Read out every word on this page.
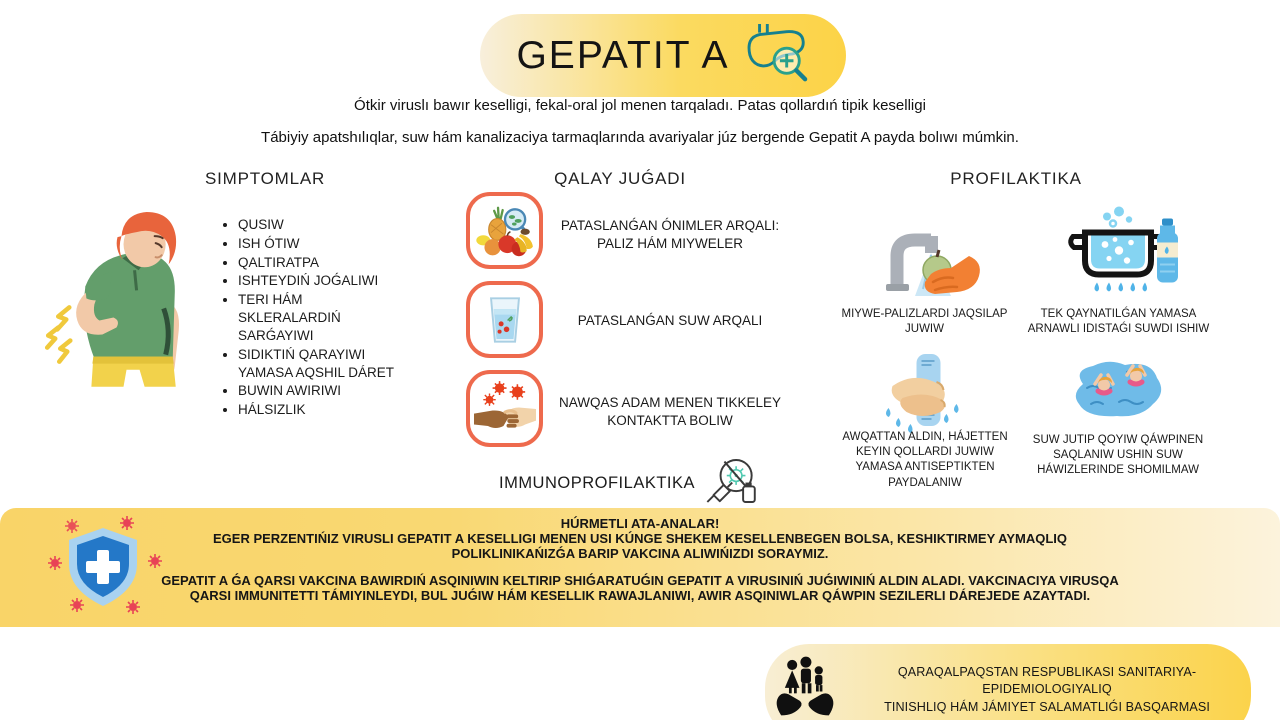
GEPATIT A
Ótkir viruslı bawır keselligi, fekal-oral jol menen tarqaladı. Patas qollardıń tipik keselligi
Tábiyiy apatshılıqlar, suw hám kanalizaciya tarmaqlarında avariyalar júz bergende Gepatit A payda bolıwı múmkin.
SIMPTOMLAR	QALAY JUǴADI	PROFILAKTIKA
• QUSIW
• ISH ÓTIW
• QALTIRATPA
• ISHTEYDIŃ JOǴALIWI
• TERI HÁM SKLERALARDIŃ SARǴAYIWI
• SIDIKTIŃ QARAYIWI YAMASA AQSHIL DÁRET
• BUWIN AWIRIWI
• HÁLSIZLIK
PATASLANǴAN ÓNIMLER ARQALI: PALIZ HÁM MIYWELER
PATASLANǴAN SUW ARQALI
NAWQAS ADAM MENEN TIKKELEY KONTAKTTA BOLIW
IMMUNOPROFILAKTIKA
MIYWE-PALIZLARDI JAQSILAP JUWIW
TEK QAYNATILǴAN YAMASA ARNAWLI IDISTAǴI SUWDI ISHIW
AWQATTAN ALDIN, HÁJETTEN KEYIN QOLLARDI JUWIW YAMASA ANTISEPTIKTEN PAYDALANIW
SUW JUTIP QOYIW QÁWPINEN SAQLANIW USHIN SUW HÁWIZLERINDE SHOMILMAW

HÚRMETLI ATA-ANALAR!

EGER PERZENTIŃIZ VIRUSLI GEPATIT A KESELLIGI MENEN USI KÚNGE SHEKEM KESELLENBEGEN BOLSA, KESHIKTIRMEY AYMAQLIQ POLIKLINIKAŃIZǴA BARIP VAKCINA ALIWIŃIZDI SORAYMIZ.

GEPATIT A ǴA QARSI VAKCINA BAWIRDIŃ ASQINIWIN KELTIRIP SHIǴARATUǴIN GEPATIT A VIRUSINIŃ JUǴIWINIŃ ALDIN ALADI. VAKCINACIYA VIRUSQA QARSI IMMUNITETTI TÁMIYINLEYDI, BUL JUǴIW HÁM KESELLIK RAWAJLANIWI, AWIR ASQINIWLAR QÁWPIN SEZILERLI DÁREJEDE AZAYTADI.

QARAQALPAQSTAN RESPUBLIKASI SANITARIYA-EPIDEMIOLOGIYALIQ
TINISHLIQ HÁM JÁMIYET SALAMATLIǴI BASQARMASI
